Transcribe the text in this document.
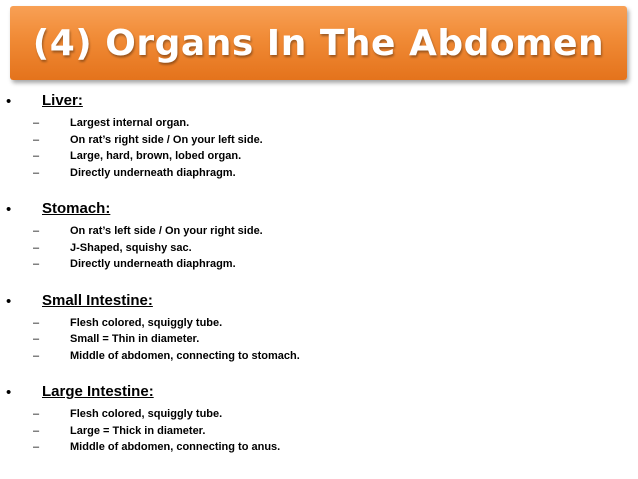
(4) Organs In The Abdomen
• Liver:
–	Largest internal organ.
–	On rat’s right side / On your left side.
–	Large, hard, brown, lobed organ.
–	Directly underneath diaphragm.
• Stomach:
–	On rat’s left side / On your right side.
–	J-Shaped, squishy sac.
–	Directly underneath diaphragm.
• Small Intestine:
–	Flesh colored, squiggly tube.
–	Small = Thin in diameter.
–	Middle of abdomen, connecting to stomach.
• Large Intestine:
–	Flesh colored, squiggly tube.
–	Large = Thick in diameter.
–	Middle of abdomen, connecting to anus.
